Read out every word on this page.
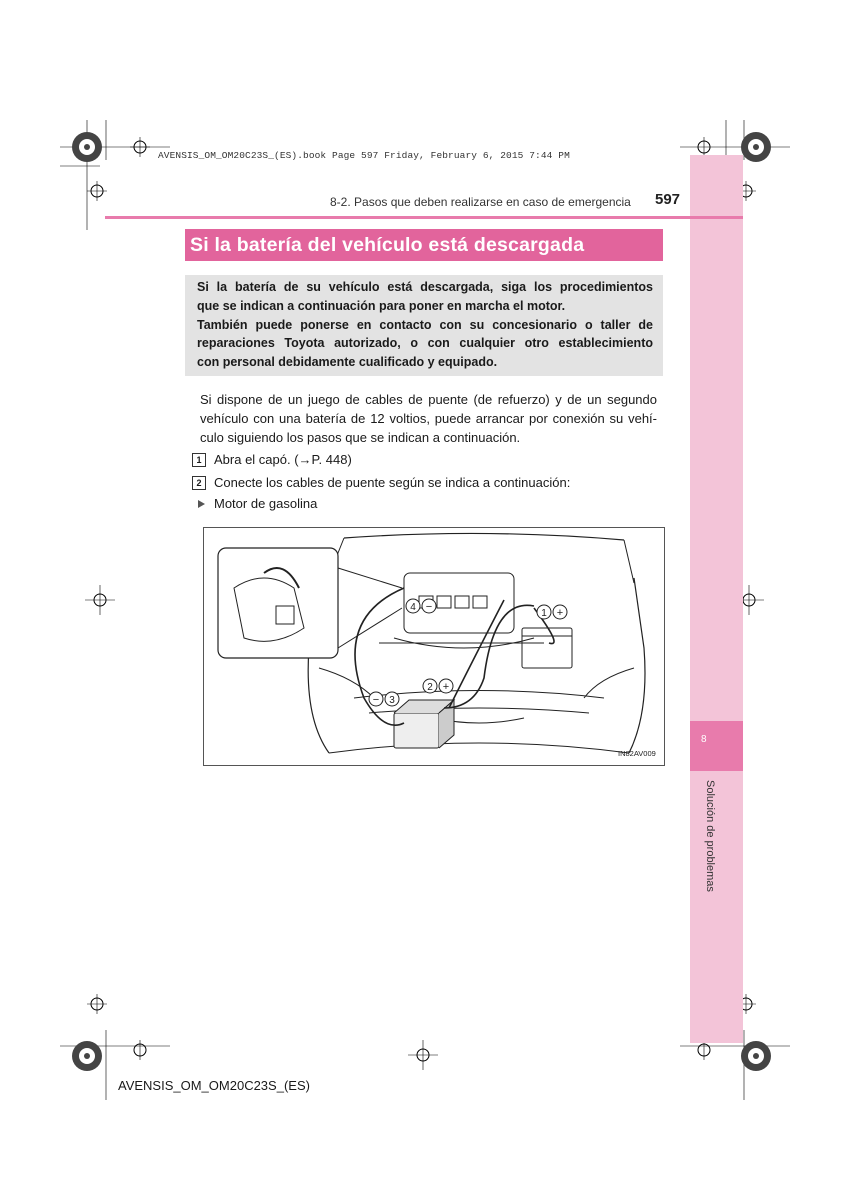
AVENSIS_OM_OM20C23S_(ES).book Page 597 Friday, February 6, 2015 7:44 PM
8
Solución de problemas
8-2. Pasos que deben realizarse en caso de emergencia 597
Si la batería del vehículo está descargada
Si la batería de su vehículo está descargada, siga los procedimientos
que se indican a continuación para poner en marcha el motor.
También puede ponerse en contacto con su concesionario o taller de
reparaciones Toyota autorizado, o con cualquier otro establecimiento
con personal debidamente cualificado y equipado.
Si dispone de un juego de cables de puente (de refuerzo) y de un segundo
vehículo con una batería de 12 voltios, puede arrancar por conexión su vehí-
culo siguiendo los pasos que se indican a continuación.
1 Abra el capó. (→P. 448)
2 Conecte los cables de puente según se indica a continuación:
Motor de gasolina
4 −
1 +
2 +
− 3
IN82AV009
AVENSIS_OM_OM20C23S_(ES)
